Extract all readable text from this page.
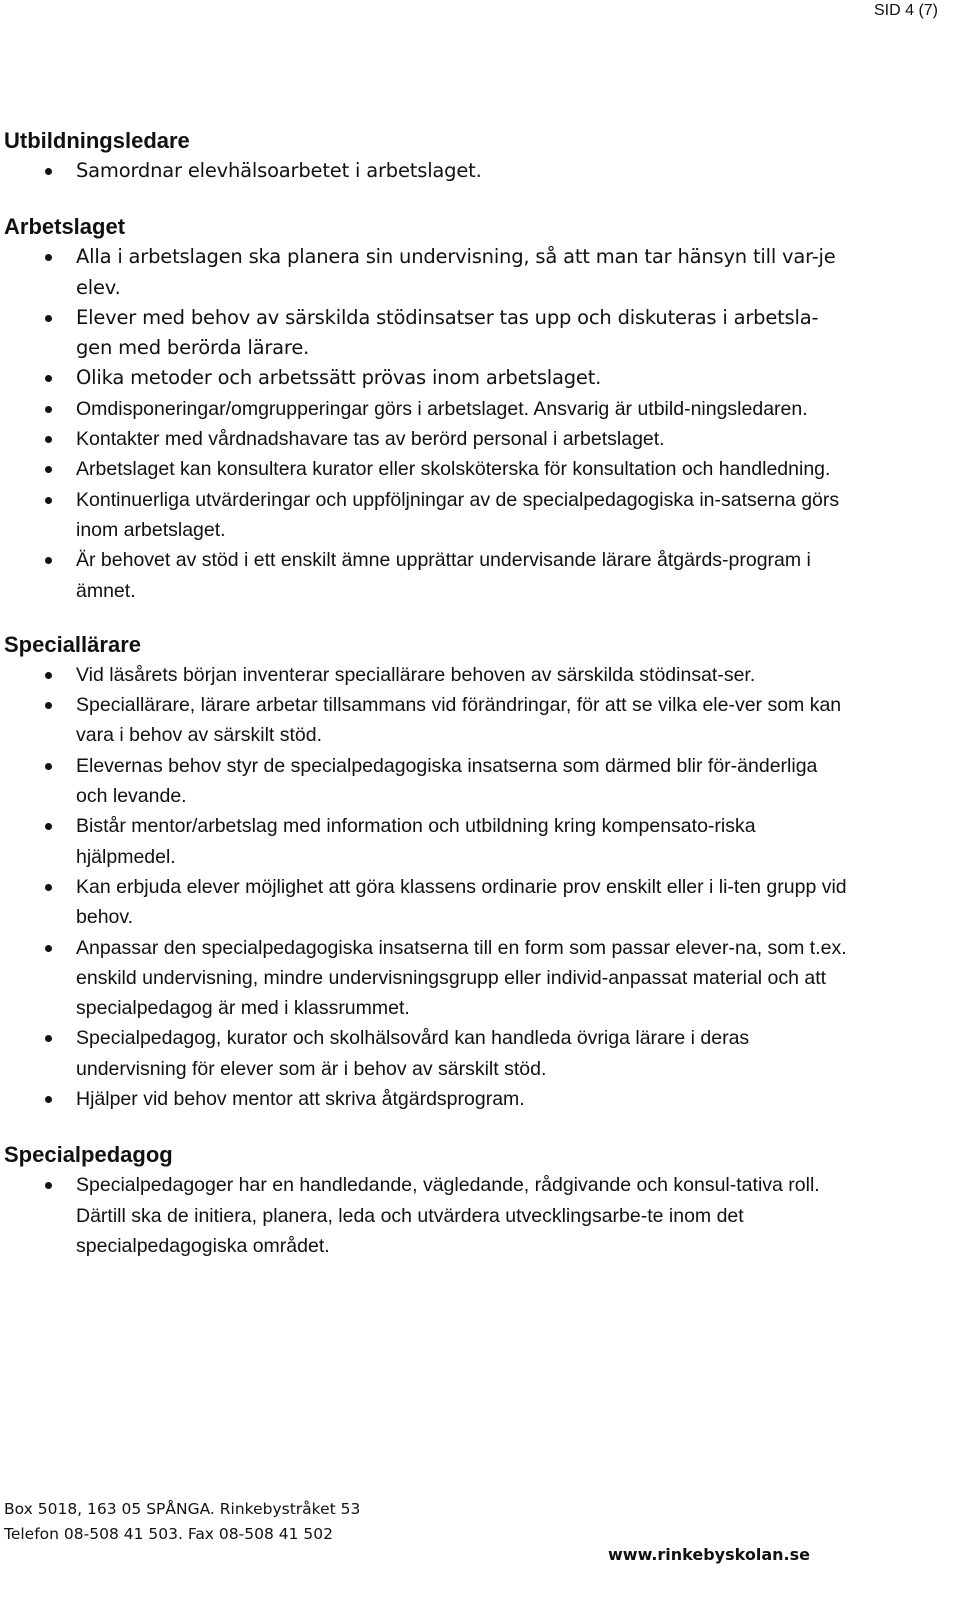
SID 4 (7)
Utbildningsledare
Samordnar elevhälsoarbetet i arbetslaget.
Arbetslaget
Alla i arbetslagen ska planera sin undervisning, så att man tar hänsyn till var-je elev.
Elever med behov av särskilda stödinsatser tas upp och diskuteras i arbetsla-gen med berörda lärare.
Olika metoder och arbetssätt prövas inom arbetslaget.
Omdisponeringar/omgrupperingar görs i arbetslaget. Ansvarig är utbild-ningsledaren.
Kontakter med vårdnadshavare tas av berörd personal i arbetslaget.
Arbetslaget kan konsultera kurator eller skolsköterska för konsultation och handledning.
Kontinuerliga utvärderingar och uppföljningar av de specialpedagogiska in-satserna görs inom arbetslaget.
Är behovet av stöd i ett enskilt ämne upprättar undervisande lärare åtgärds-program i ämnet.
Speciallärare
Vid läsårets början inventerar speciallärare behoven av särskilda stödinsat-ser.
Speciallärare, lärare arbetar tillsammans vid förändringar, för att se vilka ele-ver som kan vara i behov av särskilt stöd.
Elevernas behov styr de specialpedagogiska insatserna som därmed blir för-änderliga och levande.
Bistår mentor/arbetslag med information och utbildning kring kompensato-riska hjälpmedel.
Kan erbjuda elever möjlighet att göra klassens ordinarie prov enskilt eller i li-ten grupp vid behov.
Anpassar den specialpedagogiska insatserna till en form som passar elever-na, som t.ex. enskild undervisning, mindre undervisningsgrupp eller individ-anpassat material och att specialpedagog är med i klassrummet.
Specialpedagog, kurator och skolhälsovård kan handleda övriga lärare i deras undervisning för elever som är i behov av särskilt stöd.
Hjälper vid behov mentor att skriva åtgärdsprogram.
Specialpedagog
Specialpedagoger har en handledande, vägledande, rådgivande och konsul-tativa roll. Därtill ska de initiera, planera, leda och utvärdera utvecklingsarbe-te inom det specialpedagogiska området.
Box 5018, 163 05 SPÅNGA. Rinkebystråket 53
Telefon 08-508 41 503. Fax 08-508 41 502
www.rinkebyskolan.se
